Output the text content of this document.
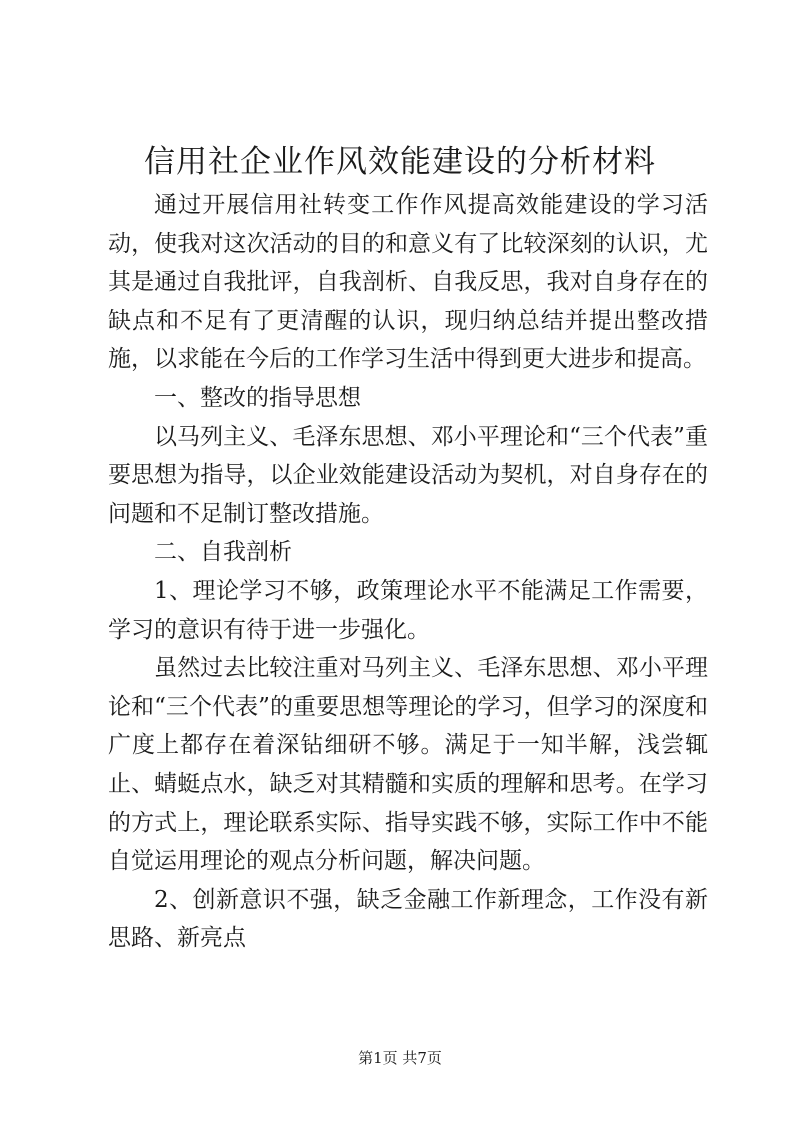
信用社企业作风效能建设的分析材料

通过开展信用社转变工作作风提高效能建设的学习活动，使我对这次活动的目的和意义有了比较深刻的认识，尤其是通过自我批评，自我剖析、自我反思，我对自身存在的缺点和不足有了更清醒的认识，现归纳总结并提出整改措施，以求能在今后的工作学习生活中得到更大进步和提高。

一、整改的指导思想

以马列主义、毛泽东思想、邓小平理论和“三个代表”重要思想为指导，以企业效能建设活动为契机，对自身存在的问题和不足制订整改措施。

二、自我剖析

1、理论学习不够，政策理论水平不能满足工作需要，学习的意识有待于进一步强化。

虽然过去比较注重对马列主义、毛泽东思想、邓小平理论和“三个代表”的重要思想等理论的学习，但学习的深度和广度上都存在着深钻细研不够。满足于一知半解，浅尝辄止、蜻蜓点水，缺乏对其精髓和实质的理解和思考。在学习的方式上，理论联系实际、指导实践不够，实际工作中不能自觉运用理论的观点分析问题，解决问题。

2、创新意识不强，缺乏金融工作新理念，工作没有新思路、新亮点

第1页 共7页
